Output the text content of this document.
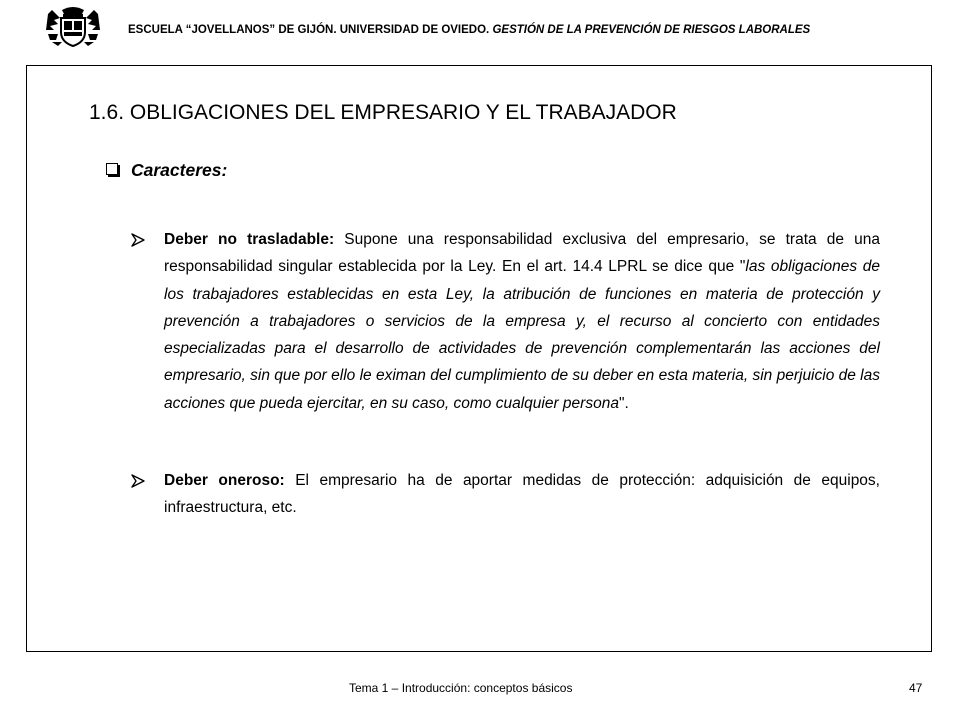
ESCUELA “JOVELLANOS” DE GIJÓN. UNIVERSIDAD DE OVIEDO. GESTIÓN DE LA PREVENCIÓN DE RIESGOS LABORALES
1.6. OBLIGACIONES DEL EMPRESARIO Y EL TRABAJADOR
Caracteres:
Deber no trasladable: Supone una responsabilidad exclusiva del empresario, se trata de una responsabilidad singular establecida por la Ley. En el art. 14.4 LPRL se dice que "las obligaciones de los trabajadores establecidas en esta Ley, la atribución de funciones en materia de protección y prevención a trabajadores o servicios de la empresa y, el recurso al concierto con entidades especializadas para el desarrollo de actividades de prevención complementarán las acciones del empresario, sin que por ello le eximan del cumplimiento de su deber en esta materia, sin perjuicio de las acciones que pueda ejercitar, en su caso, como cualquier persona".
Deber oneroso: El empresario ha de aportar medidas de protección: adquisición de equipos, infraestructura, etc.
Tema 1 – Introducción: conceptos básicos	47
